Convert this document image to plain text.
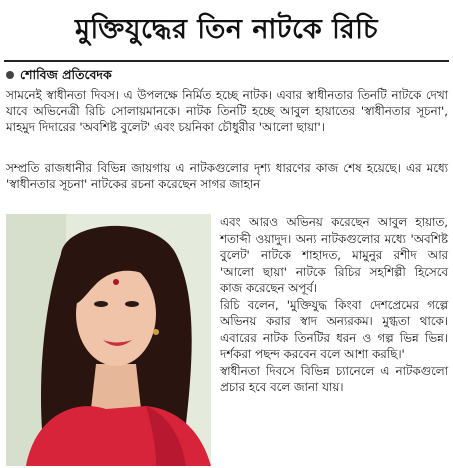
মুক্তিযুদ্ধের তিন নাটকে রিচি
শোবিজ প্রতিবেদক
সামনেই স্বাধীনতা দিবস। এ উপলক্ষে নির্মিত হচ্ছে নাটক। এবার স্বাধীনতার তিনটি নাটকে দেখা যাবে অভিনেত্রী রিচি সোলায়মানকে। নাটক তিনটি হচ্ছে আবুল হায়াতের 'স্বাধীনতার সূচনা', মাহমুদ দিদারের 'অবশিষ্ট বুলেট' এবং চয়নিকা চৌধুরীর 'আলো ছায়া'।
সম্প্রতি রাজধানীর বিভিন্ন জায়গায় এ নাটকগুলোর দৃশ্য ধারণের কাজ শেষ হয়েছে। এর মধ্যে 'স্বাধীনতার সূচনা' নাটকের রচনা করেছেন সাগর জাহান

এবং আরও অভিনয় করেছেন আবুল হায়াত, শতাব্দী ওয়াদুদ। অন্য নাটকগুলোর মধ্যে 'অবশিষ্ট বুলেট' নাটকে শাহাদত, মামুনুর রশীদ আর 'আলো ছায়া' নাটকে রিচির সহশিল্পী হিসেবে কাজ করেছেন অপূর্ব।

রিচি বলেন, 'মুক্তিযুদ্ধ কিংবা দেশপ্রেমের গল্পে অভিনয় করার স্বাদ অন্যরকম। মুগ্ধতা থাকে। এবারের নাটক তিনটির ধরন ও গল্প ভিন্ন ভিন্ন। দর্শকরা পছন্দ করবেন বলে আশা করছি।'

স্বাধীনতা দিবসে বিভিন্ন চ্যানেলে এ নাটকগুলো প্রচার হবে বলে জানা যায়।
